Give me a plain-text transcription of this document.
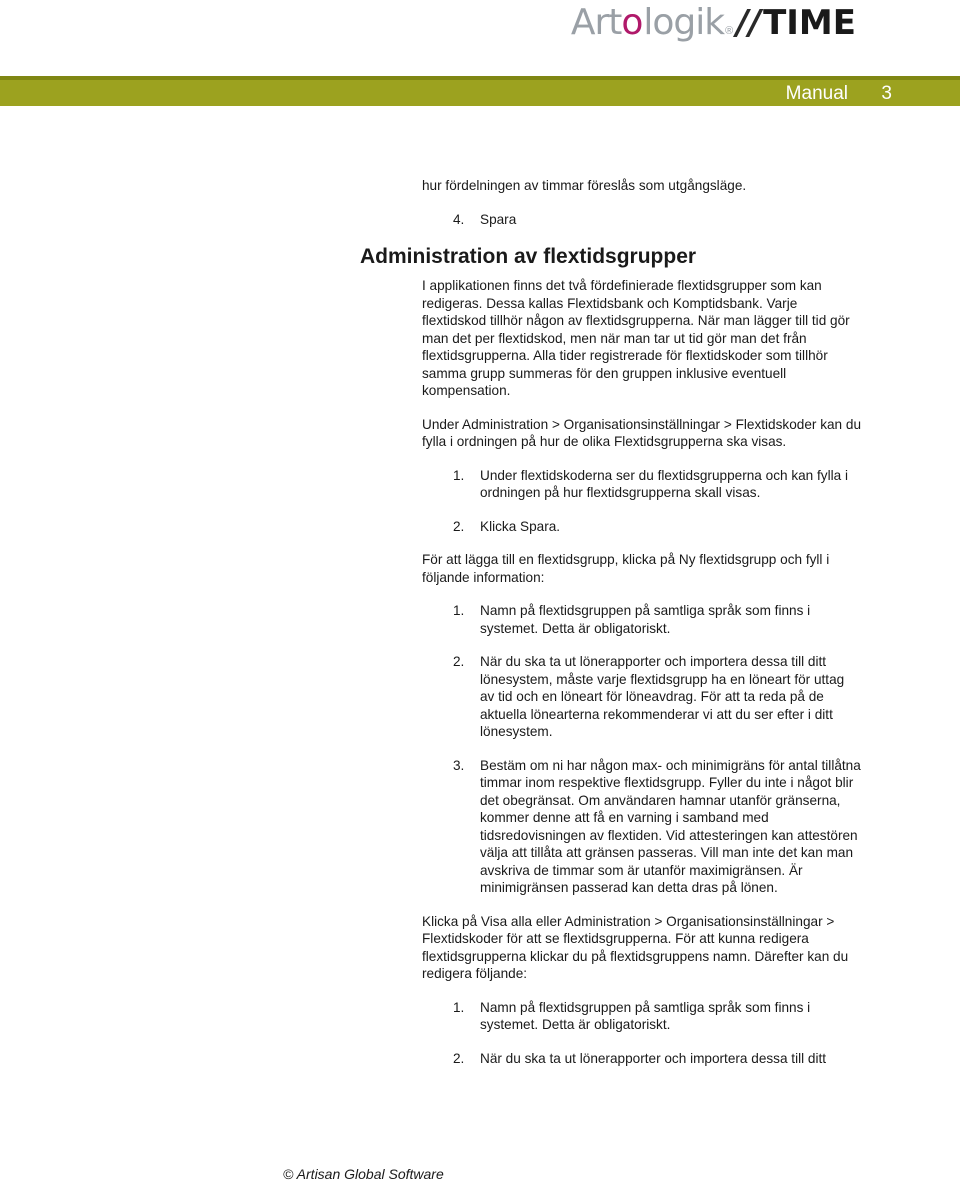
Art o logik ® // TIME
Manual 3

hur fördelningen av timmar föreslås som utgångsläge.

4.	Spara
Administration av flextidsgrupper

I applikationen finns det två fördefinierade flextidsgrupper som kan redigeras. Dessa kallas Flextidsbank och Komptidsbank. Varje flextidskod tillhör någon av flextidsgrupperna. När man lägger till tid gör man det per flextidskod, men när man tar ut tid gör man det från flextidsgrupperna. Alla tider registrerade för flextidskoder som tillhör samma grupp summeras för den gruppen inklusive eventuell kompensation.

Under Administration > Organisationsinställningar > Flextidskoder kan du fylla i ordningen på hur de olika Flextidsgrupperna ska visas.

1.	Under flextidskoderna ser du flextidsgrupperna och kan fylla i ordningen på hur flextidsgrupperna skall visas.
2.	Klicka Spara.

För att lägga till en flextidsgrupp, klicka på Ny flextidsgrupp och fyll i följande information:

1.	Namn på flextidsgruppen på samtliga språk som finns i systemet. Detta är obligatoriskt.
2.	När du ska ta ut lönerapporter och importera dessa till ditt lönesystem, måste varje flextidsgrupp ha en löneart för uttag av tid och en löneart för löneavdrag. För att ta reda på de aktuella lönearterna rekommenderar vi att du ser efter i ditt lönesystem.
3.	Bestäm om ni har någon max- och minimigräns för antal tillåtna timmar inom respektive flextidsgrupp. Fyller du inte i något blir det obegränsat. Om användaren hamnar utanför gränserna, kommer denne att få en varning i samband med tidsredovisningen av flextiden. Vid attesteringen kan attestören välja att tillåta att gränsen passeras. Vill man inte det kan man avskriva de timmar som är utanför maximigränsen. Är minimigränsen passerad kan detta dras på lönen.

Klicka på Visa alla eller Administration > Organisationsinställningar > Flextidskoder för att se flextidsgrupperna. För att kunna redigera flextidsgrupperna klickar du på flextidsgruppens namn. Därefter kan du redigera följande:

1.	Namn på flextidsgruppen på samtliga språk som finns i systemet. Detta är obligatoriskt.
2.	När du ska ta ut lönerapporter och importera dessa till ditt
© Artisan Global Software
